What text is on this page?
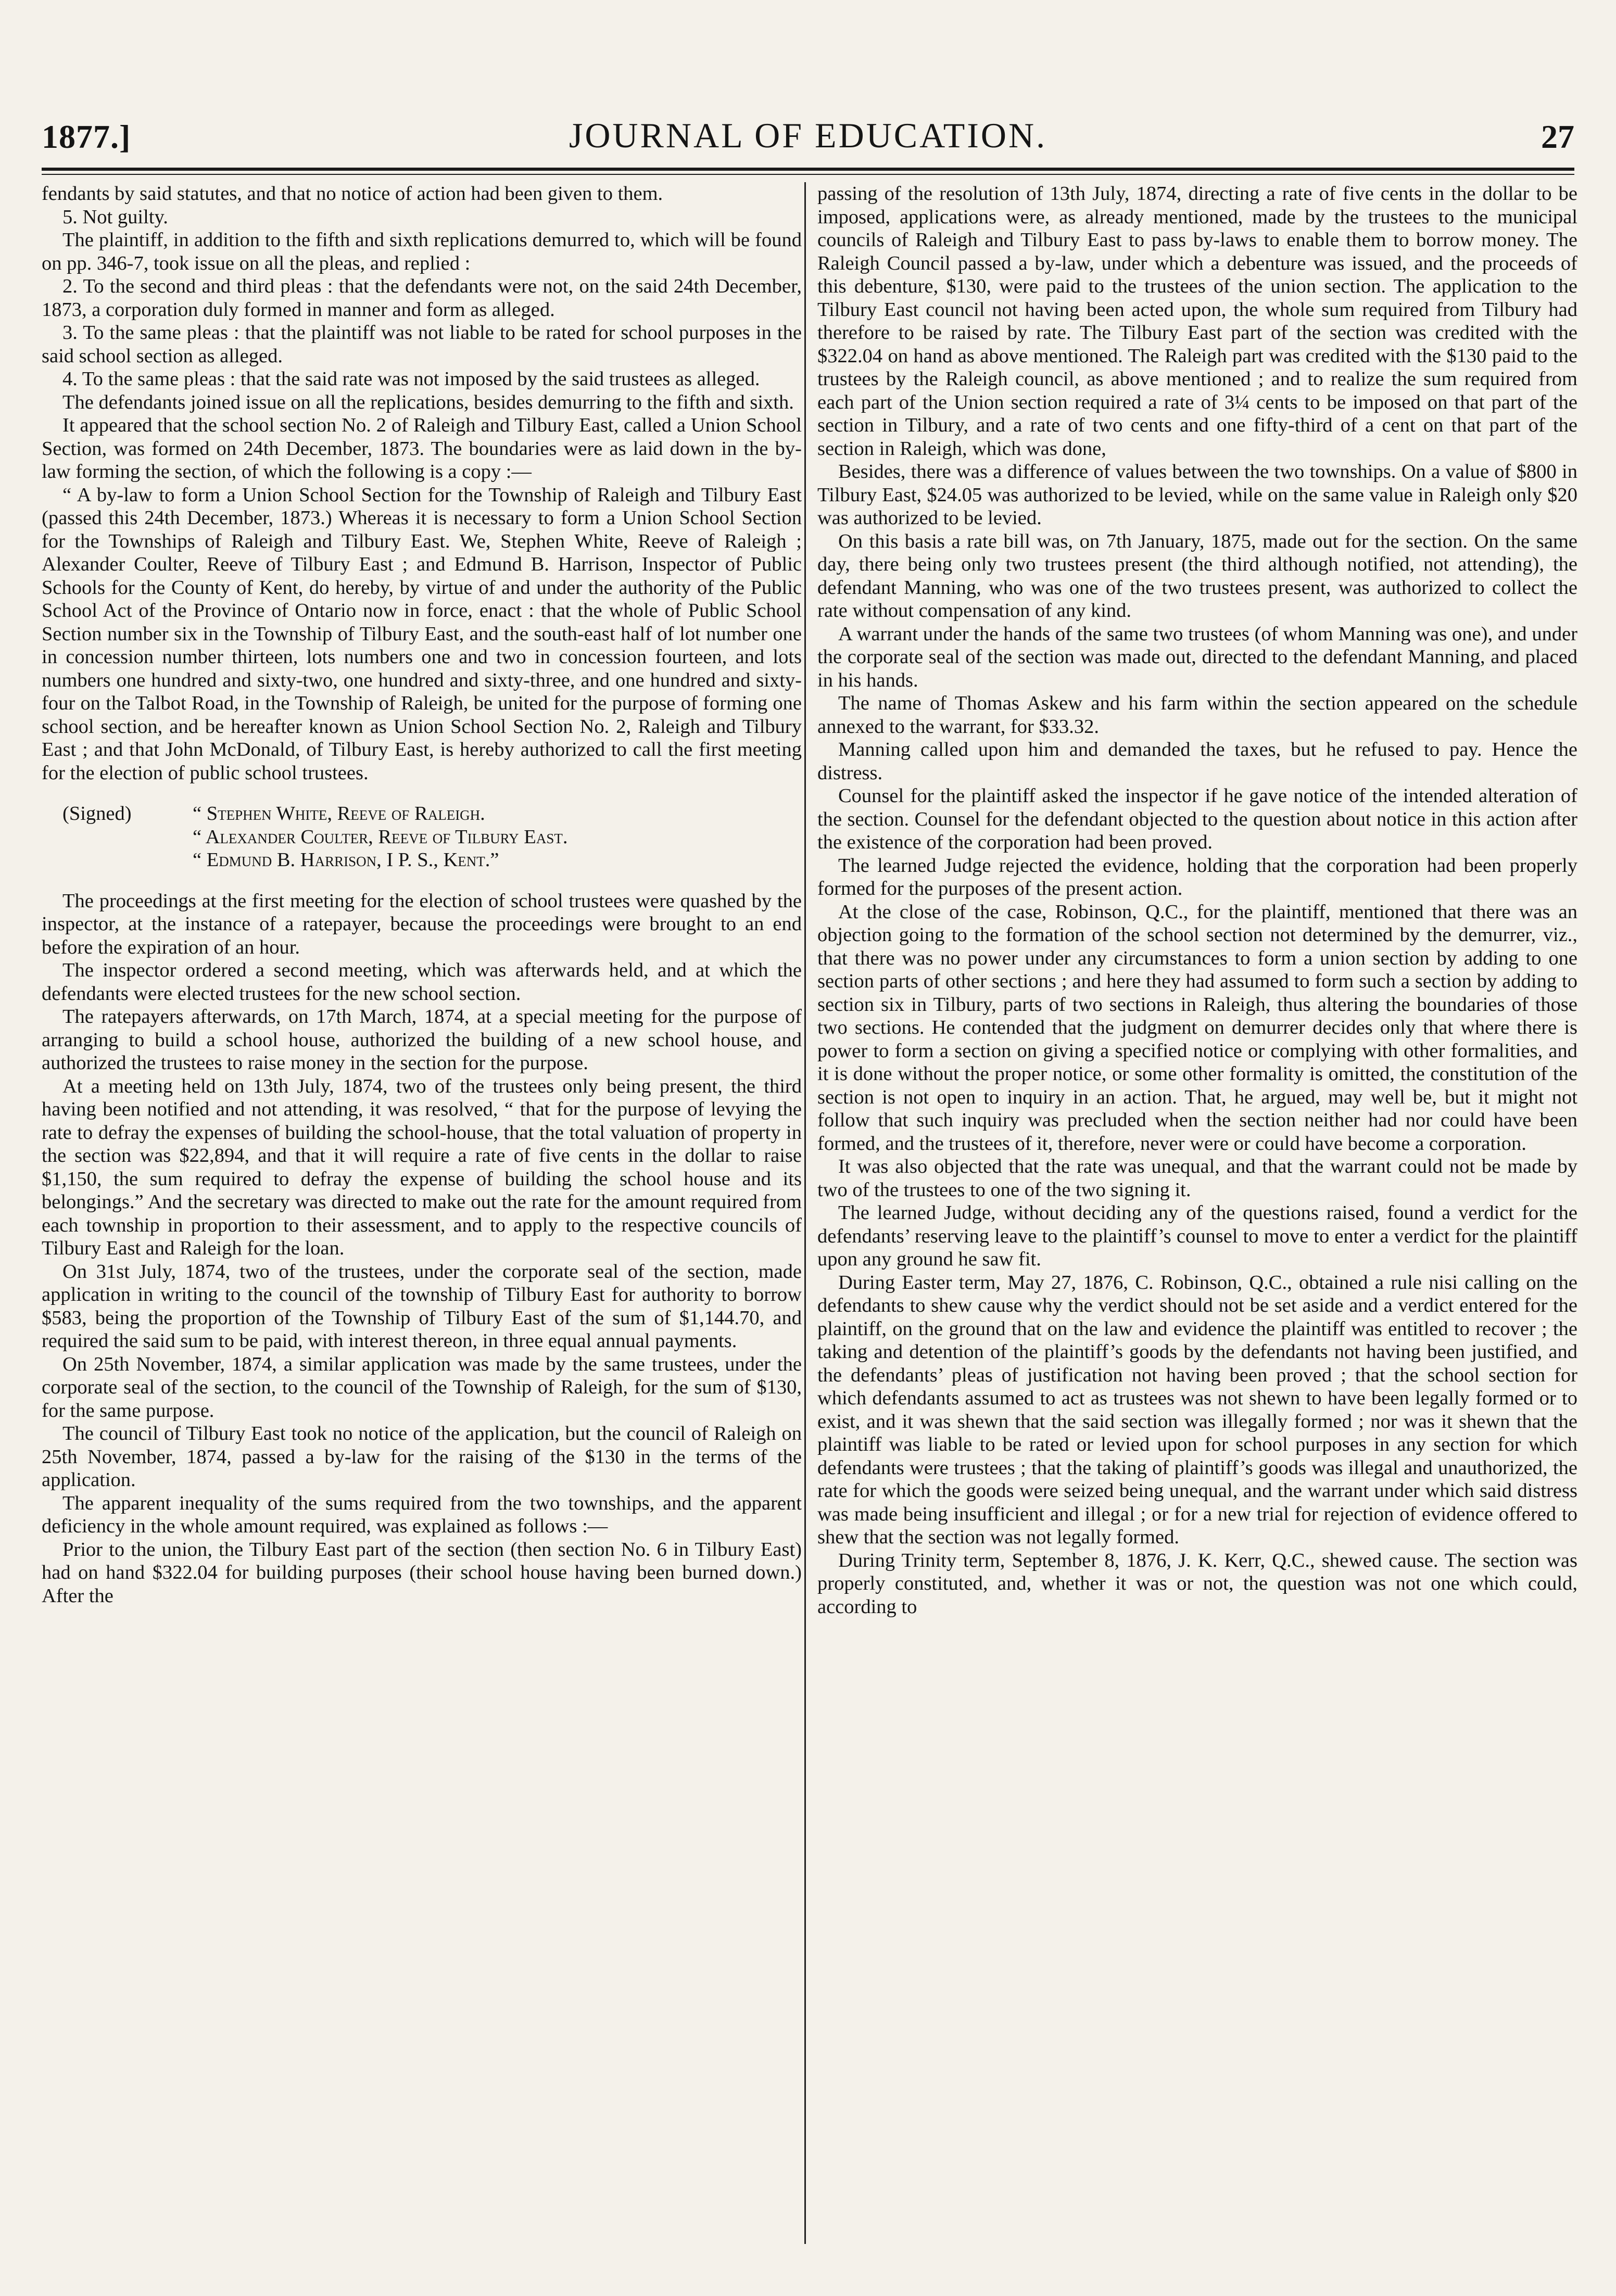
1877.]	JOURNAL OF EDUCATION.	27

fendants by said statutes, and that no notice of action had been given to them.

5. Not guilty.

The plaintiff, in addition to the fifth and sixth replications demurred to, which will be found on pp. 346-7, took issue on all the pleas, and replied :

2. To the second and third pleas : that the defendants were not, on the said 24th December, 1873, a corporation duly formed in manner and form as alleged.

3. To the same pleas : that the plaintiff was not liable to be rated for school purposes in the said school section as alleged.

4. To the same pleas : that the said rate was not imposed by the said trustees as alleged.

The defendants joined issue on all the replications, besides demurring to the fifth and sixth.

It appeared that the school section No. 2 of Raleigh and Tilbury East, called a Union School Section, was formed on 24th December, 1873. The boundaries were as laid down in the by-law forming the section, of which the following is a copy :—

“ A by-law to form a Union School Section for the Township of Raleigh and Tilbury East (passed this 24th December, 1873.) Whereas it is necessary to form a Union School Section for the Townships of Raleigh and Tilbury East. We, Stephen White, Reeve of Raleigh ; Alexander Coulter, Reeve of Tilbury East ; and Edmund B. Harrison, Inspector of Public Schools for the County of Kent, do hereby, by virtue of and under the authority of the Public School Act of the Province of Ontario now in force, enact : that the whole of Public School Section number six in the Township of Tilbury East, and the south-east half of lot number one in concession number thirteen, lots numbers one and two in concession fourteen, and lots numbers one hundred and sixty-two, one hundred and sixty-three, and one hundred and sixty-four on the Talbot Road, in the Township of Raleigh, be united for the purpose of forming one school section, and be hereafter known as Union School Section No. 2, Raleigh and Tilbury East ; and that John McDonald, of Tilbury East, is hereby authorized to call the first meeting for the election of public school trustees.

(Signed)	“ Stephen White, Reeve of Raleigh.
“ Alexander Coulter, Reeve of Tilbury East.
“ Edmund B. Harrison, I P. S., Kent.”

The proceedings at the first meeting for the election of school trustees were quashed by the inspector, at the instance of a ratepayer, because the proceedings were brought to an end before the expiration of an hour.

The inspector ordered a second meeting, which was afterwards held, and at which the defendants were elected trustees for the new school section.

The ratepayers afterwards, on 17th March, 1874, at a special meeting for the purpose of arranging to build a school house, authorized the building of a new school house, and authorized the trustees to raise money in the section for the purpose.

At a meeting held on 13th July, 1874, two of the trustees only being present, the third having been notified and not attending, it was resolved, “ that for the purpose of levying the rate to defray the expenses of building the school-house, that the total valuation of property in the section was $22,894, and that it will require a rate of five cents in the dollar to raise $1,150, the sum required to defray the expense of building the school house and its belongings.” And the secretary was directed to make out the rate for the amount required from each township in proportion to their assessment, and to apply to the respective councils of Tilbury East and Raleigh for the loan.

On 31st July, 1874, two of the trustees, under the corporate seal of the section, made application in writing to the council of the township of Tilbury East for authority to borrow $583, being the proportion of the Township of Tilbury East of the sum of $1,144.70, and required the said sum to be paid, with interest thereon, in three equal annual payments.

On 25th November, 1874, a similar application was made by the same trustees, under the corporate seal of the section, to the council of the Township of Raleigh, for the sum of $130, for the same purpose.

The council of Tilbury East took no notice of the application, but the council of Raleigh on 25th November, 1874, passed a by-law for the raising of the $130 in the terms of the application.

The apparent inequality of the sums required from the two townships, and the apparent deficiency in the whole amount required, was explained as follows :—

Prior to the union, the Tilbury East part of the section (then section No. 6 in Tilbury East) had on hand $322.04 for building purposes (their school house having been burned down.) After the

passing of the resolution of 13th July, 1874, directing a rate of five cents in the dollar to be imposed, applications were, as already mentioned, made by the trustees to the municipal councils of Raleigh and Tilbury East to pass by-laws to enable them to borrow money. The Raleigh Council passed a by-law, under which a debenture was issued, and the proceeds of this debenture, $130, were paid to the trustees of the union section. The application to the Tilbury East council not having been acted upon, the whole sum required from Tilbury had therefore to be raised by rate. The Tilbury East part of the section was credited with the $322.04 on hand as above mentioned. The Raleigh part was credited with the $130 paid to the trustees by the Raleigh council, as above mentioned ; and to realize the sum required from each part of the Union section required a rate of 3¼ cents to be imposed on that part of the section in Tilbury, and a rate of two cents and one fifty-third of a cent on that part of the section in Raleigh, which was done,

Besides, there was a difference of values between the two townships. On a value of $800 in Tilbury East, $24.05 was authorized to be levied, while on the same value in Raleigh only $20 was authorized to be levied.

On this basis a rate bill was, on 7th January, 1875, made out for the section. On the same day, there being only two trustees present (the third although notified, not attending), the defendant Manning, who was one of the two trustees present, was authorized to collect the rate without compensation of any kind.

A warrant under the hands of the same two trustees (of whom Manning was one), and under the corporate seal of the section was made out, directed to the defendant Manning, and placed in his hands.

The name of Thomas Askew and his farm within the section appeared on the schedule annexed to the warrant, for $33.32.

Manning called upon him and demanded the taxes, but he refused to pay. Hence the distress.

Counsel for the plaintiff asked the inspector if he gave notice of the intended alteration of the section. Counsel for the defendant objected to the question about notice in this action after the existence of the corporation had been proved.

The learned Judge rejected the evidence, holding that the corporation had been properly formed for the purposes of the present action.

At the close of the case, Robinson, Q.C., for the plaintiff, mentioned that there was an objection going to the formation of the school section not determined by the demurrer, viz., that there was no power under any circumstances to form a union section by adding to one section parts of other sections ; and here they had assumed to form such a section by adding to section six in Tilbury, parts of two sections in Raleigh, thus altering the boundaries of those two sections. He contended that the judgment on demurrer decides only that where there is power to form a section on giving a specified notice or complying with other formalities, and it is done without the proper notice, or some other formality is omitted, the constitution of the section is not open to inquiry in an action. That, he argued, may well be, but it might not follow that such inquiry was precluded when the section neither had nor could have been formed, and the trustees of it, therefore, never were or could have become a corporation.

It was also objected that the rate was unequal, and that the warrant could not be made by two of the trustees to one of the two signing it.

The learned Judge, without deciding any of the questions raised, found a verdict for the defendants’ reserving leave to the plaintiff’s counsel to move to enter a verdict for the plaintiff upon any ground he saw fit.

During Easter term, May 27, 1876, C. Robinson, Q.C., obtained a rule nisi calling on the defendants to shew cause why the verdict should not be set aside and a verdict entered for the plaintiff, on the ground that on the law and evidence the plaintiff was entitled to recover ; the taking and detention of the plaintiff’s goods by the defendants not having been justified, and the defendants’ pleas of justification not having been proved ; that the school section for which defendants assumed to act as trustees was not shewn to have been legally formed or to exist, and it was shewn that the said section was illegally formed ; nor was it shewn that the plaintiff was liable to be rated or levied upon for school purposes in any section for which defendants were trustees ; that the taking of plaintiff’s goods was illegal and unauthorized, the rate for which the goods were seized being unequal, and the warrant under which said distress was made being insufficient and illegal ; or for a new trial for rejection of evidence offered to shew that the section was not legally formed.

During Trinity term, September 8, 1876, J. K. Kerr, Q.C., shewed cause. The section was properly constituted, and, whether it was or not, the question was not one which could, according to
